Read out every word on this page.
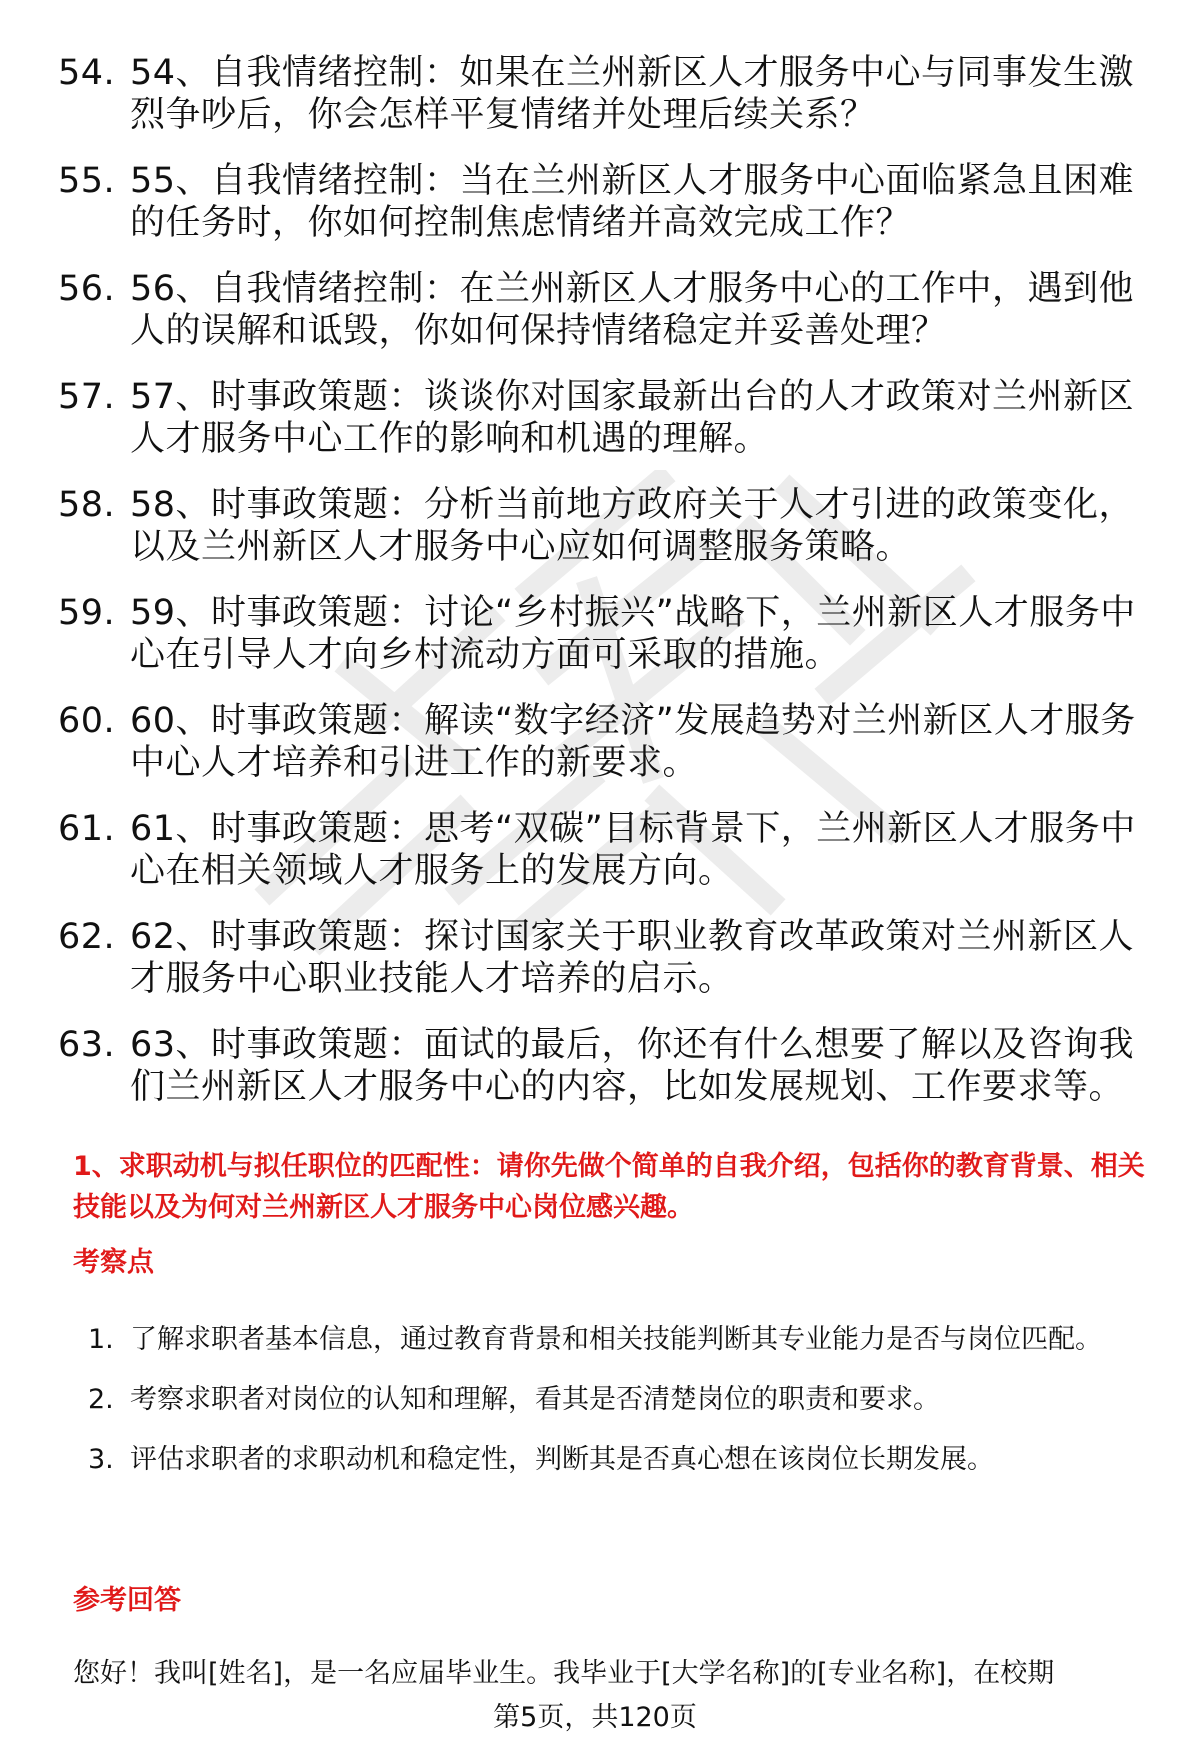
54. 54、自我情绪控制：如果在兰州新区人才服务中心与同事发生激烈争吵后，你会怎样平复情绪并处理后续关系？
55. 55、自我情绪控制：当在兰州新区人才服务中心面临紧急且困难的任务时，你如何控制焦虑情绪并高效完成工作？
56. 56、自我情绪控制：在兰州新区人才服务中心的工作中，遇到他人的误解和诋毁，你如何保持情绪稳定并妥善处理？
57. 57、时事政策题：谈谈你对国家最新出台的人才政策对兰州新区人才服务中心工作的影响和机遇的理解。
58. 58、时事政策题：分析当前地方政府关于人才引进的政策变化，以及兰州新区人才服务中心应如何调整服务策略。
59. 59、时事政策题：讨论“乡村振兴”战略下，兰州新区人才服务中心在引导人才向乡村流动方面可采取的措施。
60. 60、时事政策题：解读“数字经济”发展趋势对兰州新区人才服务中心人才培养和引进工作的新要求。
61. 61、时事政策题：思考“双碳”目标背景下，兰州新区人才服务中心在相关领域人才服务上的发展方向。
62. 62、时事政策题：探讨国家关于职业教育改革政策对兰州新区人才服务中心职业技能人才培养的启示。
63. 63、时事政策题：面试的最后，你还有什么想要了解以及咨询我们兰州新区人才服务中心的内容，比如发展规划、工作要求等。
1、求职动机与拟任职位的匹配性：请你先做个简单的自我介绍，包括你的教育背景、相关技能以及为何对兰州新区人才服务中心岗位感兴趣。
考察点
1. 了解求职者基本信息，通过教育背景和相关技能判断其专业能力是否与岗位匹配。
2. 考察求职者对岗位的认知和理解，看其是否清楚岗位的职责和要求。
3. 评估求职者的求职动机和稳定性，判断其是否真心想在该岗位长期发展。
参考回答

您好！我叫[姓名]，是一名应届毕业生。我毕业于[大学名称]的[专业名称]，在校期

第5页，共120页
